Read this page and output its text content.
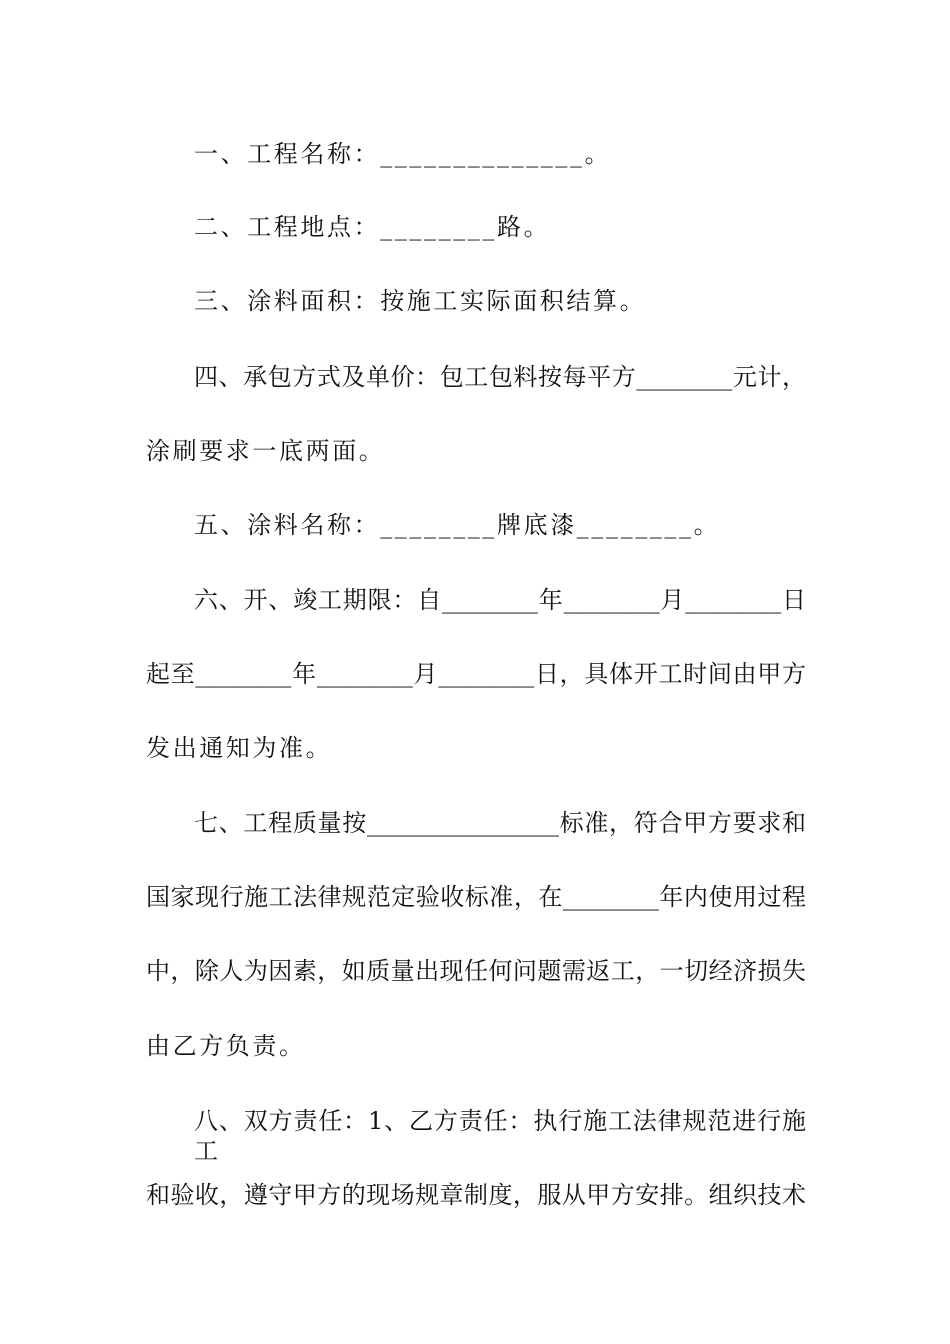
一、工程名称：______________。
二、工程地点：________路。
三、涂料面积：按施工实际面积结算。
四、承包方式及单价：包工包料按每平方________元计，
涂刷要求一底两面。
五、涂料名称：________牌底漆________。
六、开、竣工期限：自________年________月________日
起至________年________月________日，具体开工时间由甲方
发出通知为准。
七、工程质量按________________标准，符合甲方要求和
国家现行施工法律规范定验收标准，在________年内使用过程
中，除人为因素，如质量出现任何问题需返工，一切经济损失
由乙方负责。
八、双方责任：1、乙方责任：执行施工法律规范进行施工
和验收，遵守甲方的现场规章制度，服从甲方安排。组织技术
